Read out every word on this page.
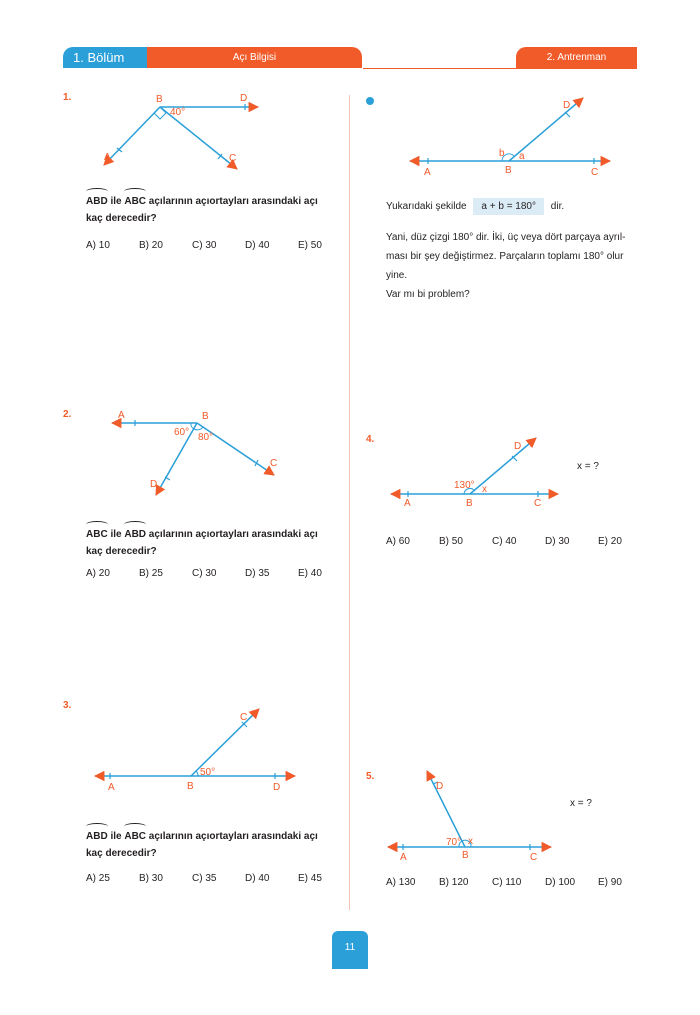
1. Bölüm	Açı Bilgisi	2. Antrenman
1.	B	D
A	C
40°
ABD ile ABC açılarının açıortayları arasındaki açı
kaç derecedir?
A) 10	B) 20	C) 30	D) 40	E) 50
2.	B
A
D
C
60° 80°
ABC ile ABD açılarının açıortayları arasındaki açı
kaç derecedir?
A) 20	B) 25	C) 30	D) 35	E) 40
3.
A	B	D
C
50°
ABD ile ABC açılarının açıortayları arasındaki açı
kaç derecedir?
A) 25	B) 30	C) 35	D) 40	E) 45
A	B	C
D
b a
Yukarıdaki şekilde a + b = 180° dir.
Yani, düz çizgi 180° dir. İki, üç veya dört parçaya ayrıl-
ması bir şey değiştirmez. Parçaların toplamı 180° olur
yine.
Var mı bi problem?
4.
A	B	C
D
130° x
x = ?
A) 60	B) 50	C) 40	D) 30	E) 20
5.
A	B	C
D
70° x
x = ?
A) 130	B) 120	C) 110	D) 100	E) 90
11
